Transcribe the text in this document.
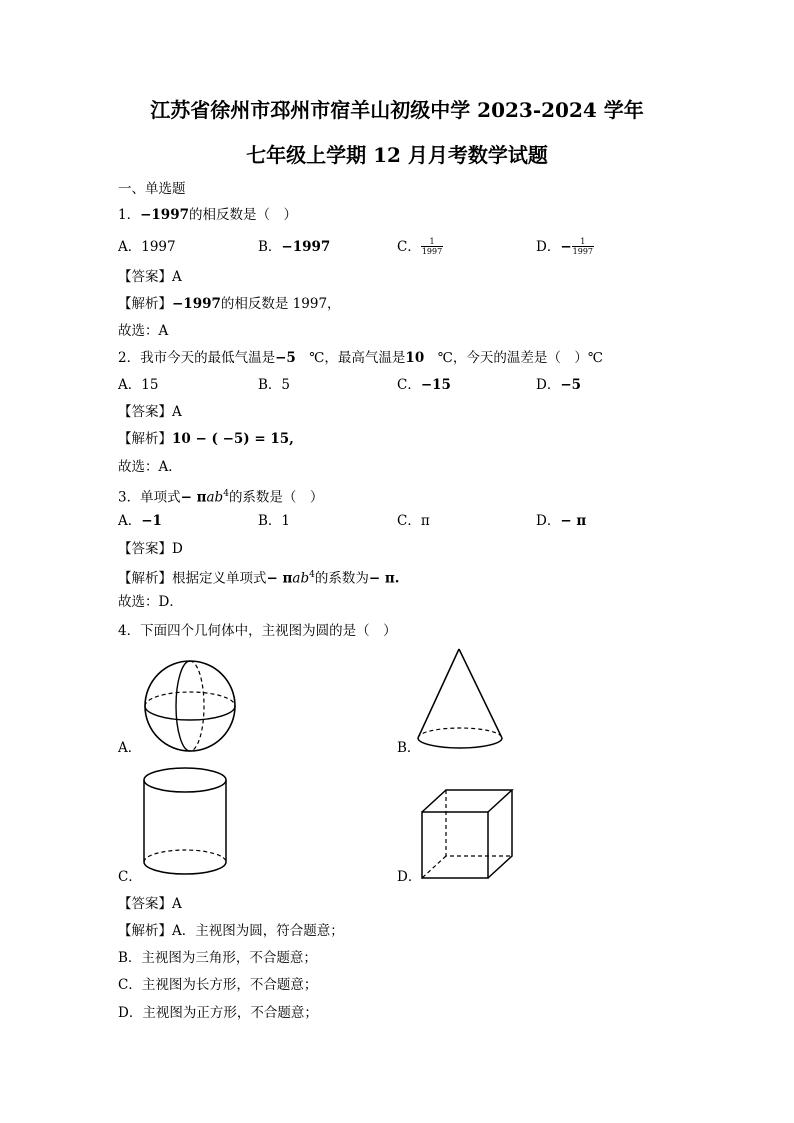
江苏省徐州市邳州市宿羊山初级中学 2023-2024 学年
七年级上学期 12 月月考数学试题
一、单选题
1．−1997的相反数是（　）
A．1997	B．−1997	C． $\frac{1}{1997}$	D．− $\frac{1}{1997}$
【答案】A
【解析】−1997的相反数是 1997，
故选：A
2．我市今天的最低气温是−5　℃，最高气温是10　℃，今天的温差是（　）℃
A．15	B．5	C．−15	D．−5
【答案】A
【解析】10 − ( −5) = 15,
故选：A．
3．单项式− πab$^4$的系数是（　）
A．−1	B．1	C．π	D．− π
【答案】D
【解析】根据定义单项式− πab$^4$的系数为− π.
故选：D．
4．下面四个几何体中，主视图为圆的是（　）
A．	B．
C．	D．
【答案】A
【解析】A．主视图为圆，符合题意；
B．主视图为三角形，不合题意；
C．主视图为长方形，不合题意；
D．主视图为正方形，不合题意；
